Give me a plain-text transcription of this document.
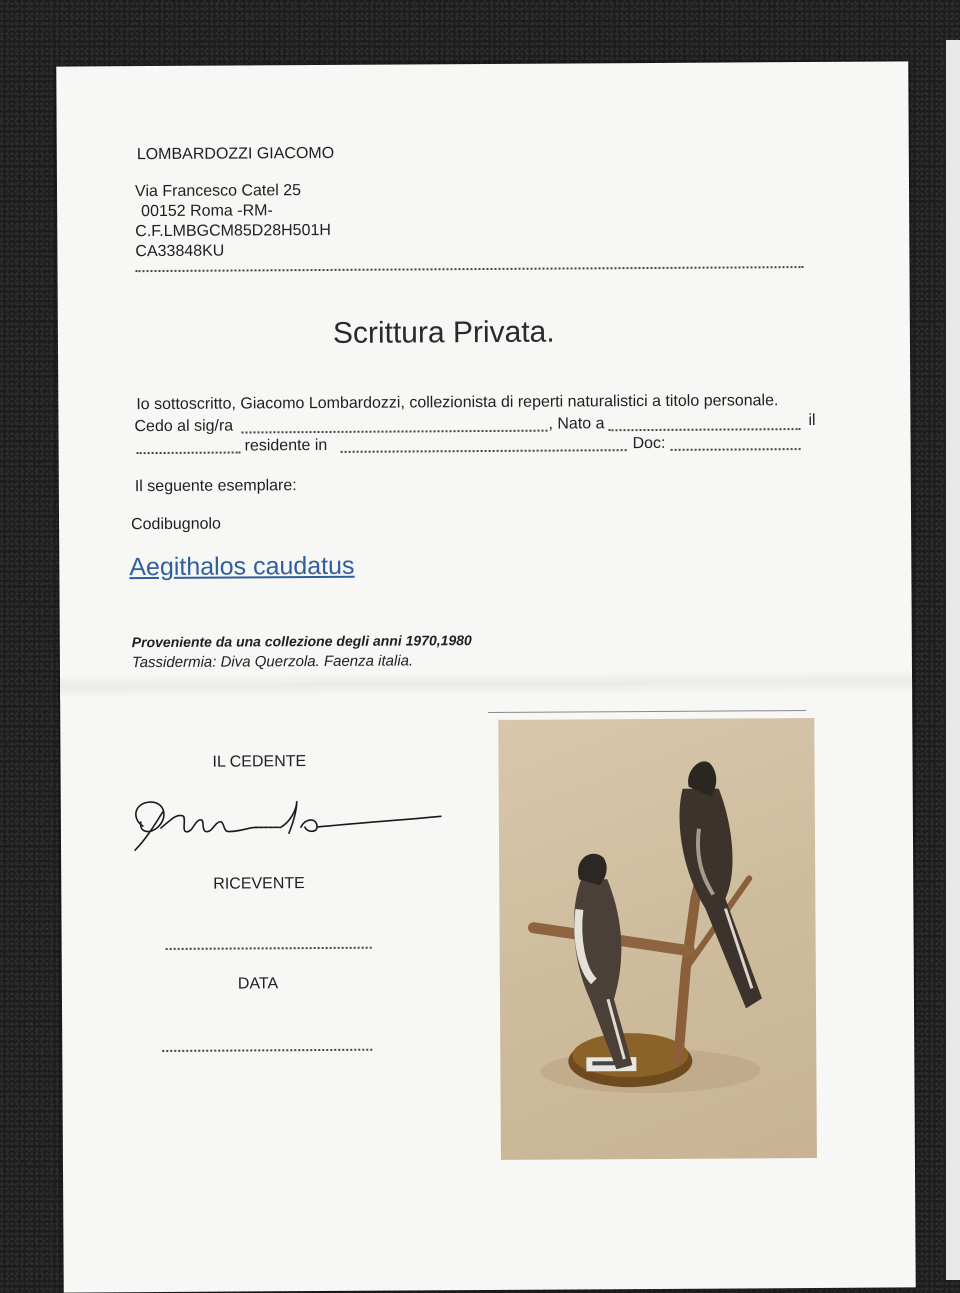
LOMBARDOZZI GIACOMO
Via Francesco Catel 25
00152 Roma -RM-
C.F.LMBGCM85D28H501H
CA33848KU
Scrittura Privata.
Io sottoscritto, Giacomo Lombardozzi, collezionista di reperti naturalistici a titolo personale.
Cedo al sig/ra	, Nato a	il
residente in	Doc:
Il seguente esemplare:
Codibugnolo
Aegithalos caudatus
Proveniente da una collezione degli anni 1970,1980
Tassidermia: Diva Querzola. Faenza italia.
IL CEDENTE
RICEVENTE
DATA
